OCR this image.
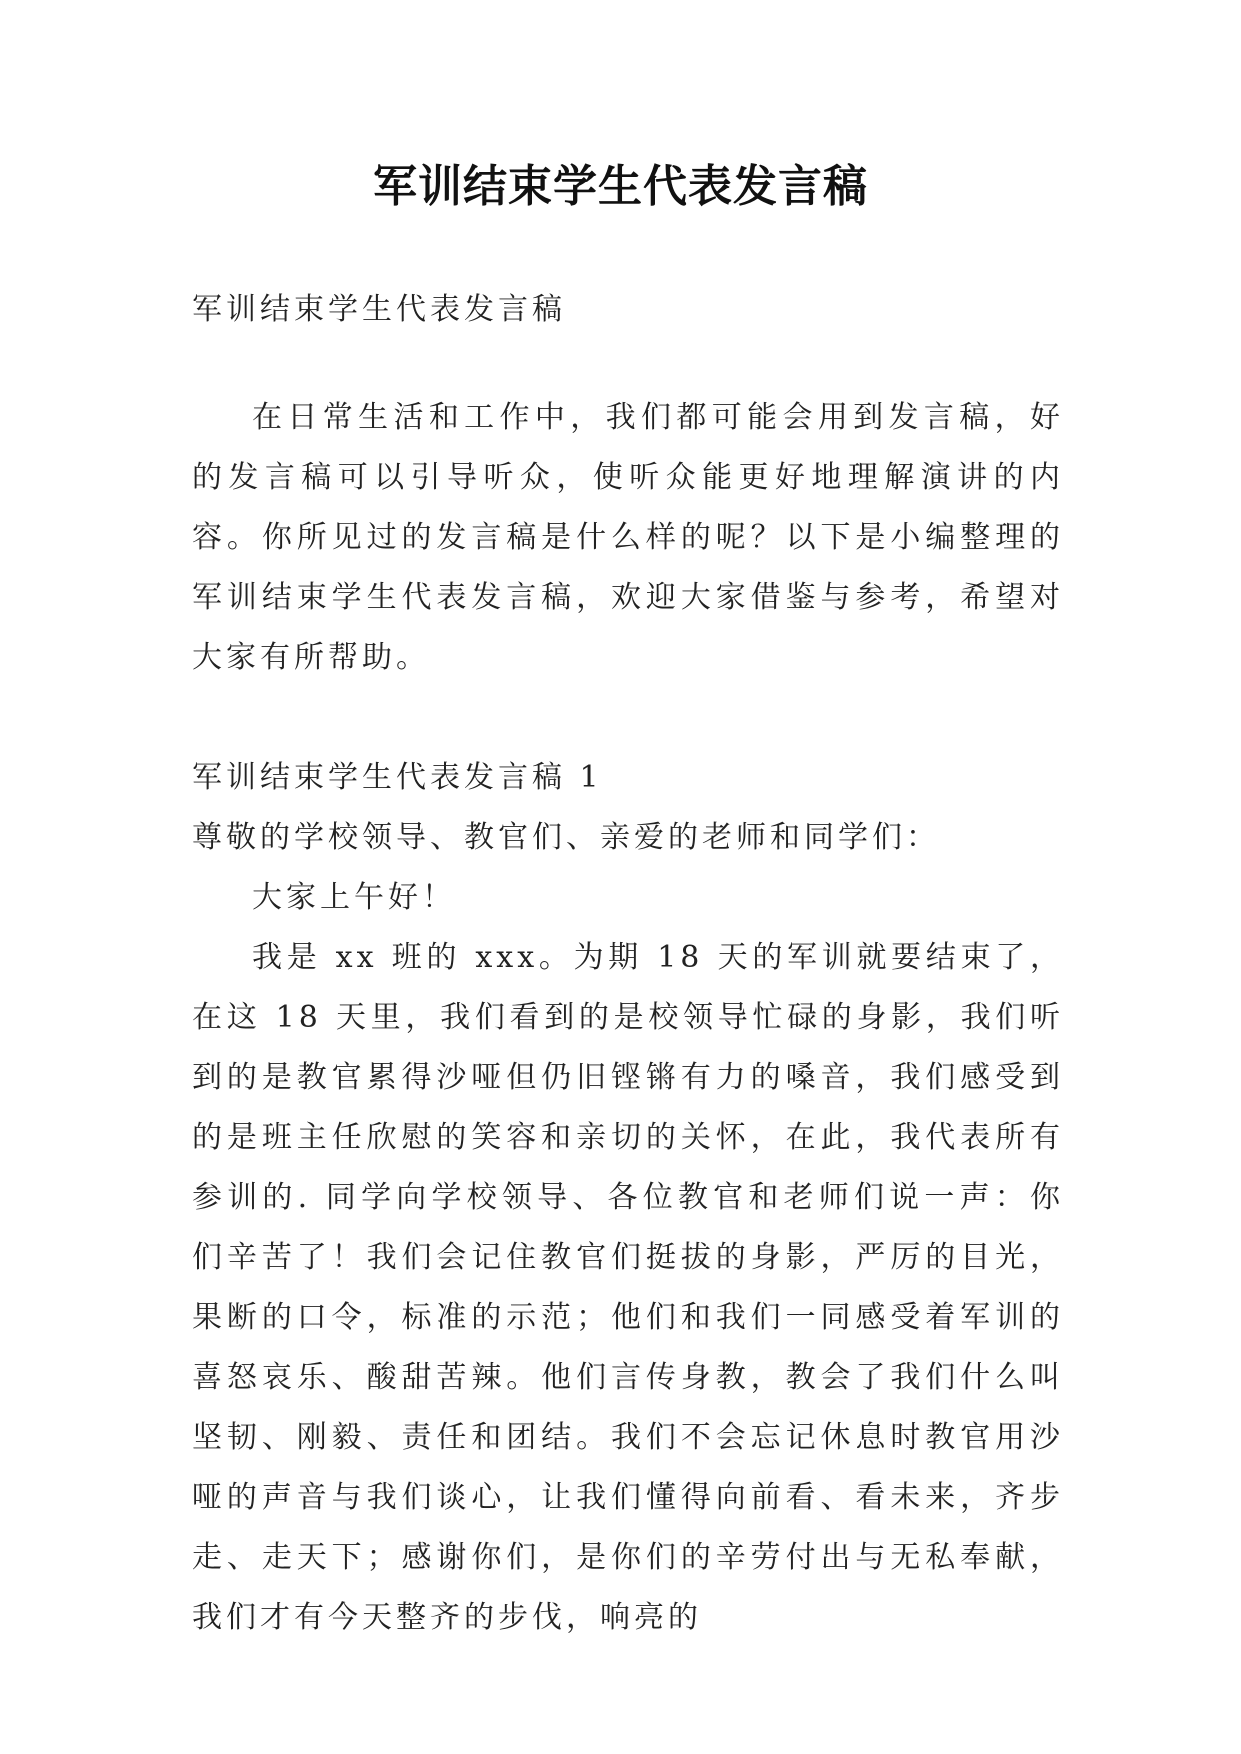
军训结束学生代表发言稿

军训结束学生代表发言稿

在日常生活和工作中，我们都可能会用到发言稿，好的发言稿可以引导听众，使听众能更好地理解演讲的内容。你所见过的发言稿是什么样的呢？以下是小编整理的军训结束学生代表发言稿，欢迎大家借鉴与参考，希望对大家有所帮助。

军训结束学生代表发言稿 1

尊敬的学校领导、教官们、亲爱的老师和同学们：

大家上午好！

我是 xx 班的 xxx。为期 18 天的军训就要结束了，在这 18 天里，我们看到的是校领导忙碌的身影，我们听到的是教官累得沙哑但仍旧铿锵有力的嗓音，我们感受到的是班主任欣慰的笑容和亲切的关怀，在此，我代表所有参训的. 同学向学校领导、各位教官和老师们说一声：你们辛苦了！我们会记住教官们挺拔的身影，严厉的目光，果断的口令，标准的示范；他们和我们一同感受着军训的喜怒哀乐、酸甜苦辣。他们言传身教，教会了我们什么叫坚韧、刚毅、责任和团结。我们不会忘记休息时教官用沙哑的声音与我们谈心，让我们懂得向前看、看未来，齐步走、走天下；感谢你们，是你们的辛劳付出与无私奉献，我们才有今天整齐的步伐，响亮的
